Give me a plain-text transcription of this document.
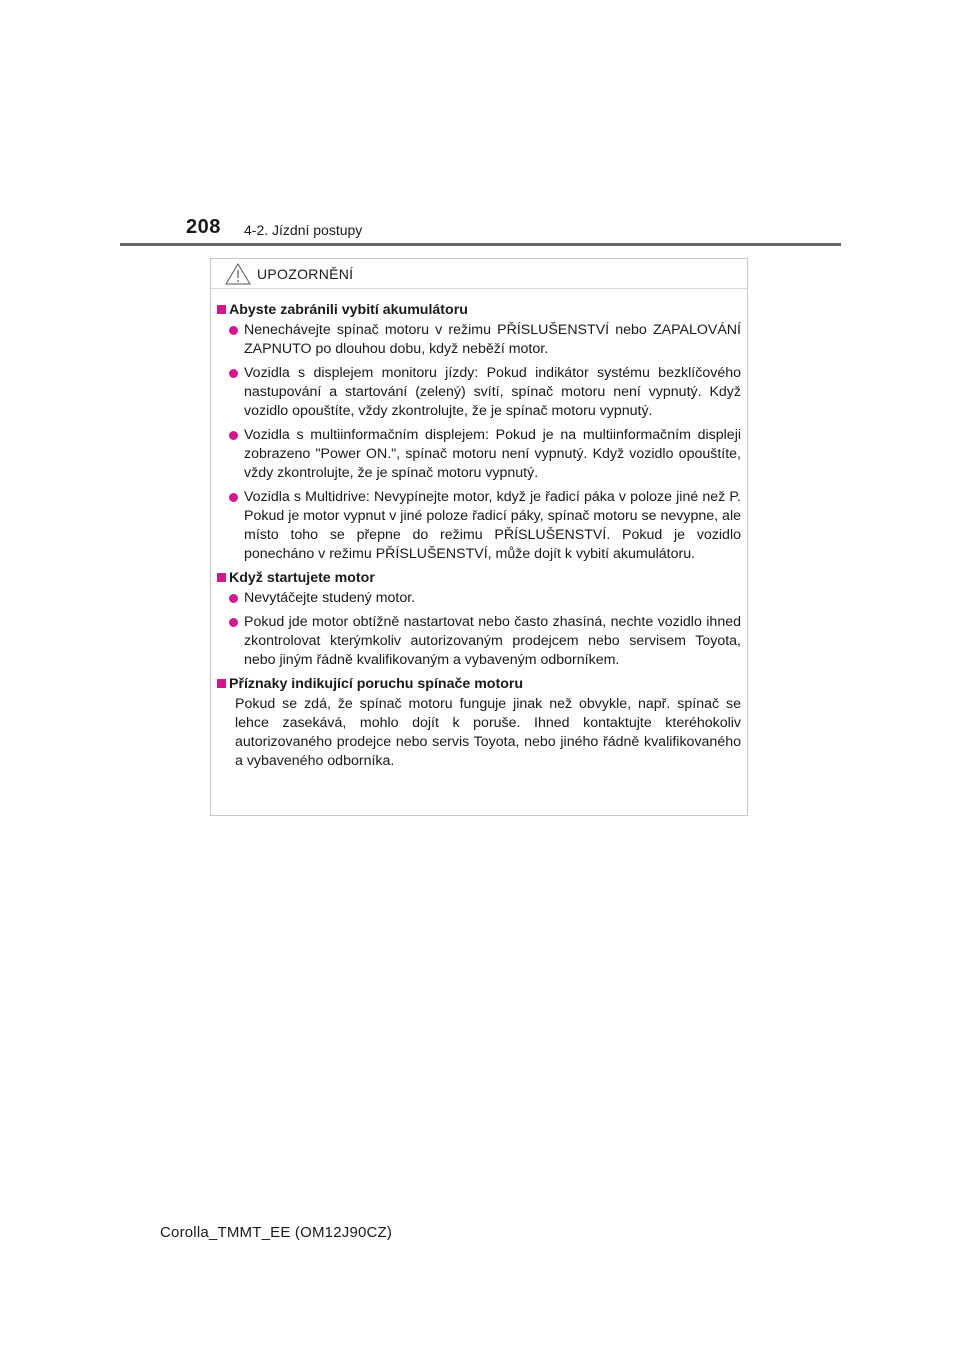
208 4-2. Jízdní postupy
UPOZORNĚNÍ
Abyste zabránili vybití akumulátoru
Nenechávejte spínač motoru v režimu PŘÍSLUŠENSTVÍ nebo ZAPALOVÁNÍ ZAPNUTO po dlouhou dobu, když neběží motor.
Vozidla s displejem monitoru jízdy: Pokud indikátor systému bezklíčového nastupování a startování (zelený) svítí, spínač motoru není vypnutý. Když vozidlo opouštíte, vždy zkontrolujte, že je spínač motoru vypnutý.
Vozidla s multiinformačním displejem: Pokud je na multiinformačním displeji zobrazeno "Power ON.", spínač motoru není vypnutý. Když vozidlo opouštíte, vždy zkontrolujte, že je spínač motoru vypnutý.
Vozidla s Multidrive: Nevypínejte motor, když je řadicí páka v poloze jiné než P. Pokud je motor vypnut v jiné poloze řadicí páky, spínač motoru se nevypne, ale místo toho se přepne do režimu PŘÍSLUŠENSTVÍ. Pokud je vozidlo ponecháno v režimu PŘÍSLUŠENSTVÍ, může dojít k vybití akumulátoru.
Když startujete motor
Nevytáčejte studený motor.
Pokud jde motor obtížně nastartovat nebo často zhasíná, nechte vozidlo ihned zkontrolovat kterýmkoliv autorizovaným prodejcem nebo servisem Toyota, nebo jiným řádně kvalifikovaným a vybaveným odborníkem.
Příznaky indikující poruchu spínače motoru
Pokud se zdá, že spínač motoru funguje jinak než obvykle, např. spínač se lehce zasekává, mohlo dojít k poruše. Ihned kontaktujte kteréhokoliv autorizovaného prodejce nebo servis Toyota, nebo jiného řádně kvalifikovaného a vybaveného odborníka.
Corolla_TMMT_EE (OM12J90CZ)
